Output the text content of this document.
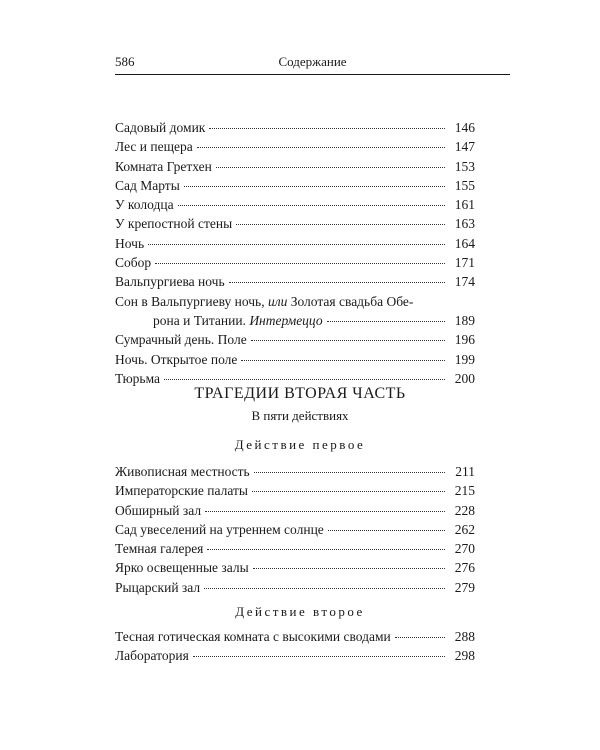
586	Содержание
Садовый домик	146
Лес и пещера	147
Комната Гретхен	153
Сад Марты	155
У колодца	161
У крепостной стены	163
Ночь	164
Собор	171
Вальпургиева ночь	174
Сон в Вальпургиеву ночь, или Золотая свадьба Обе-
рона и Титании. Интермеццо	189
Сумрачный день. Поле	196
Ночь. Открытое поле	199
Тюрьма	200
ТРАГЕДИИ ВТОРАЯ ЧАСТЬ
В пяти действиях
Действие первое
Живописная местность	211
Императорские палаты	215
Обширный зал	228
Сад увеселений на утреннем солнце	262
Темная галерея	270
Ярко освещенные залы	276
Рыцарский зал	279
Действие второе
Тесная готическая комната с высокими сводами	288
Лаборатория	298
